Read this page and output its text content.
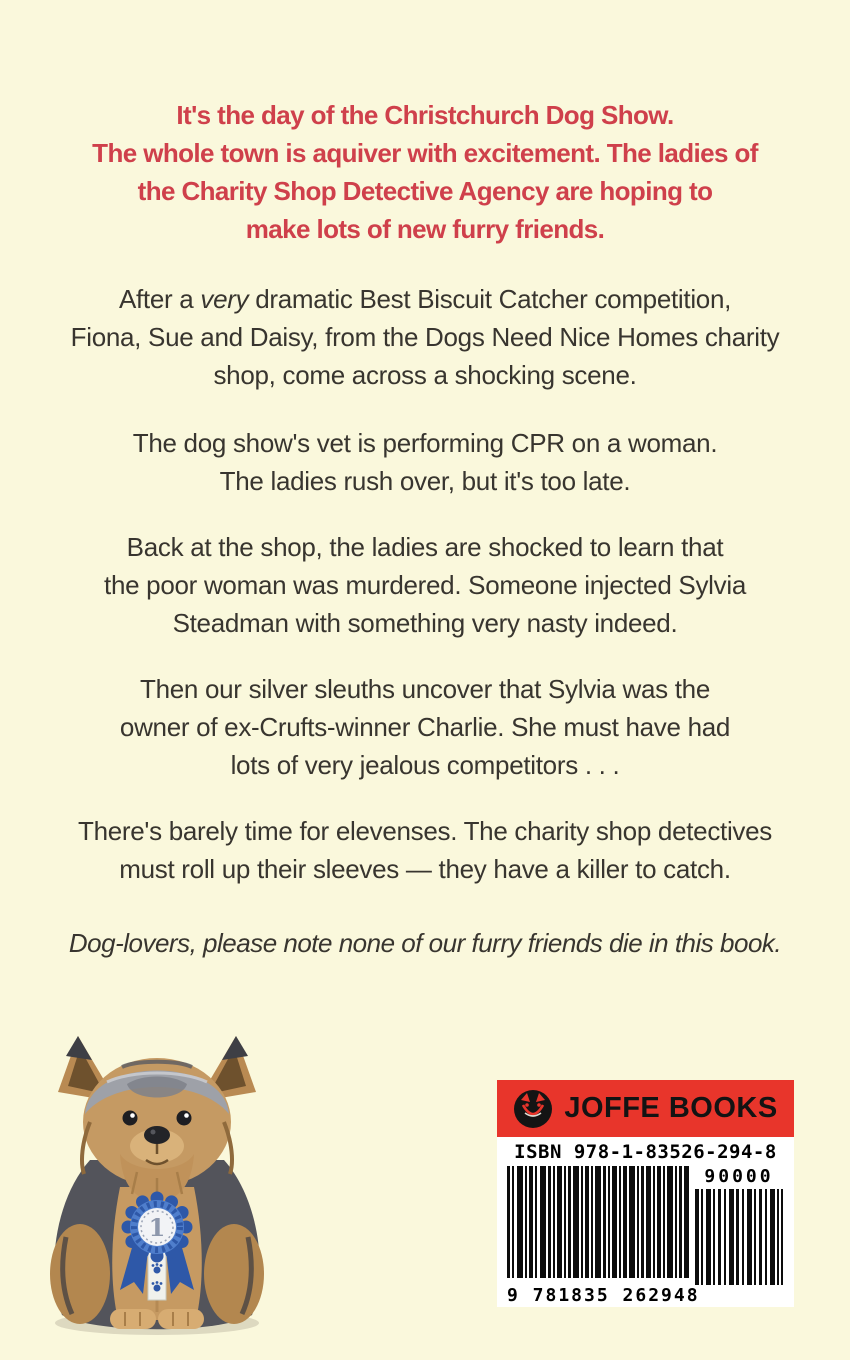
It's the day of the Christchurch Dog Show.
The whole town is aquiver with excitement. The ladies of
the Charity Shop Detective Agency are hoping to
make lots of new furry friends.
After a very dramatic Best Biscuit Catcher competition,
Fiona, Sue and Daisy, from the Dogs Need Nice Homes charity
shop, come across a shocking scene.
The dog show's vet is performing CPR on a woman.
The ladies rush over, but it's too late.
Back at the shop, the ladies are shocked to learn that
the poor woman was murdered. Someone injected Sylvia
Steadman with something very nasty indeed.
Then our silver sleuths uncover that Sylvia was the
owner of ex-Crufts-winner Charlie. She must have had
lots of very jealous competitors . . .
There's barely time for elevenses. The charity shop detectives
must roll up their sleeves — they have a killer to catch.
Dog-lovers, please note none of our furry friends die in this book.
1
JOFFE BOOKS
ISBN 978-1-83526-294-8
9 781835 262948
90000
